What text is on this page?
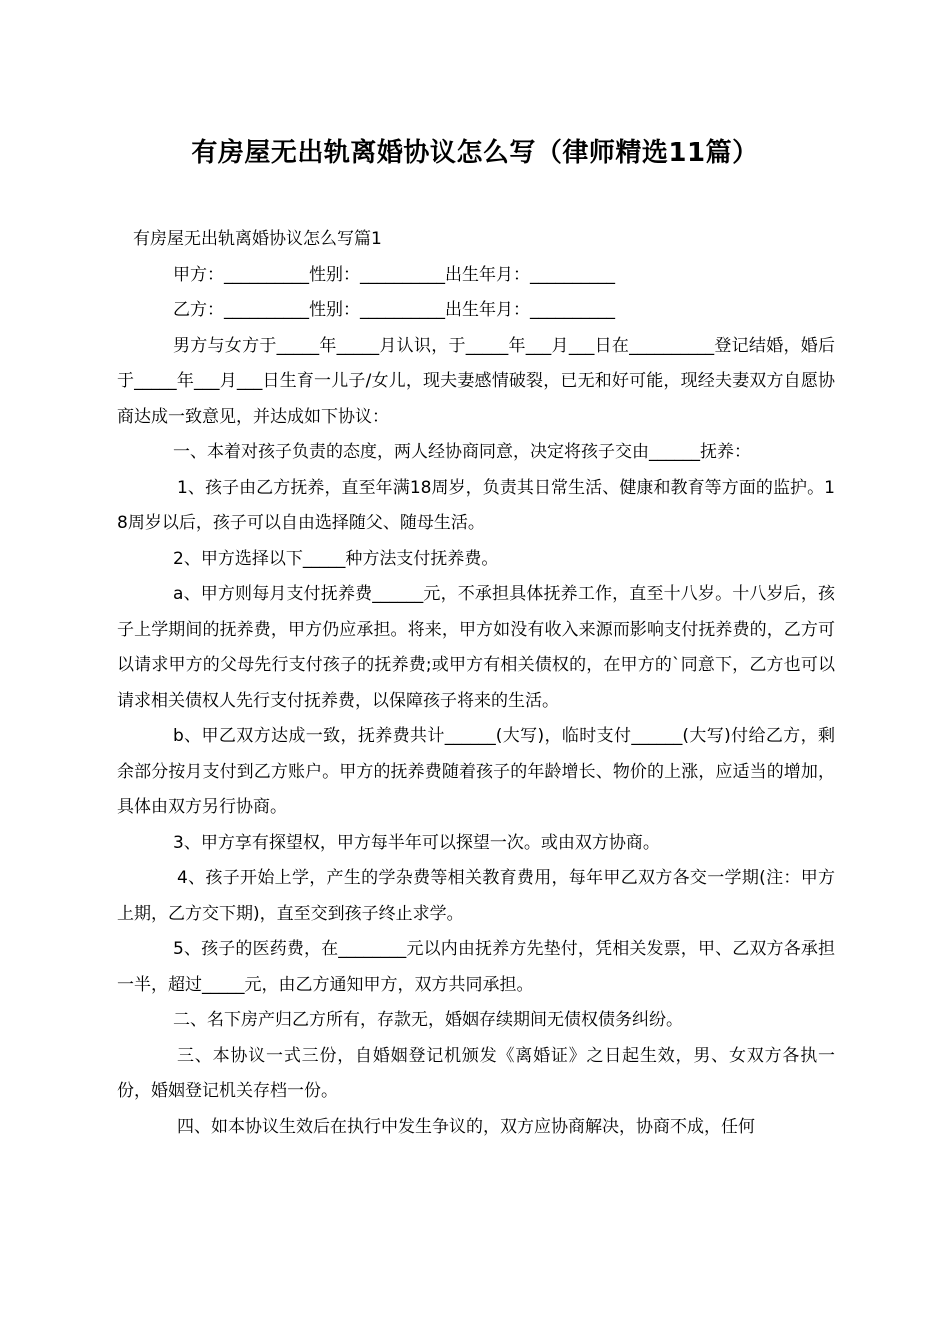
有房屋无出轨离婚协议怎么写（律师精选11篇）

有房屋无出轨离婚协议怎么写篇1

甲方：__________性别：__________出生年月：__________

乙方：__________性别：__________出生年月：__________

男方与女方于_____年_____月认识，于_____年___月___日在__________登记结婚，婚后于_____年___月___日生育一儿子/女儿，现夫妻感情破裂，已无和好可能，现经夫妻双方自愿协商达成一致意见，并达成如下协议：

一、本着对孩子负责的态度，两人经协商同意，决定将孩子交由______抚养：

1、孩子由乙方抚养，直至年满18周岁，负责其日常生活、健康和教育等方面的监护。18周岁以后，孩子可以自由选择随父、随母生活。

2、甲方选择以下_____种方法支付抚养费。

a、甲方则每月支付抚养费______元，不承担具体抚养工作，直至十八岁。十八岁后，孩子上学期间的抚养费，甲方仍应承担。将来，甲方如没有收入来源而影响支付抚养费的，乙方可以请求甲方的父母先行支付孩子的抚养费;或甲方有相关债权的，在甲方的`同意下，乙方也可以请求相关债权人先行支付抚养费，以保障孩子将来的生活。

b、甲乙双方达成一致，抚养费共计______(大写)，临时支付______(大写)付给乙方，剩余部分按月支付到乙方账户。甲方的抚养费随着孩子的年龄增长、物价的上涨，应适当的增加，具体由双方另行协商。

3、甲方享有探望权，甲方每半年可以探望一次。或由双方协商。

4、孩子开始上学，产生的学杂费等相关教育费用，每年甲乙双方各交一学期(注：甲方上期，乙方交下期)，直至交到孩子终止求学。

5、孩子的医药费，在________元以内由抚养方先垫付，凭相关发票，甲、乙双方各承担一半，超过_____元，由乙方通知甲方，双方共同承担。

二、名下房产归乙方所有，存款无，婚姻存续期间无债权债务纠纷。

三、本协议一式三份，自婚姻登记机颁发《离婚证》之日起生效，男、女双方各执一份，婚姻登记机关存档一份。

四、如本协议生效后在执行中发生争议的，双方应协商解决，协商不成，任何
